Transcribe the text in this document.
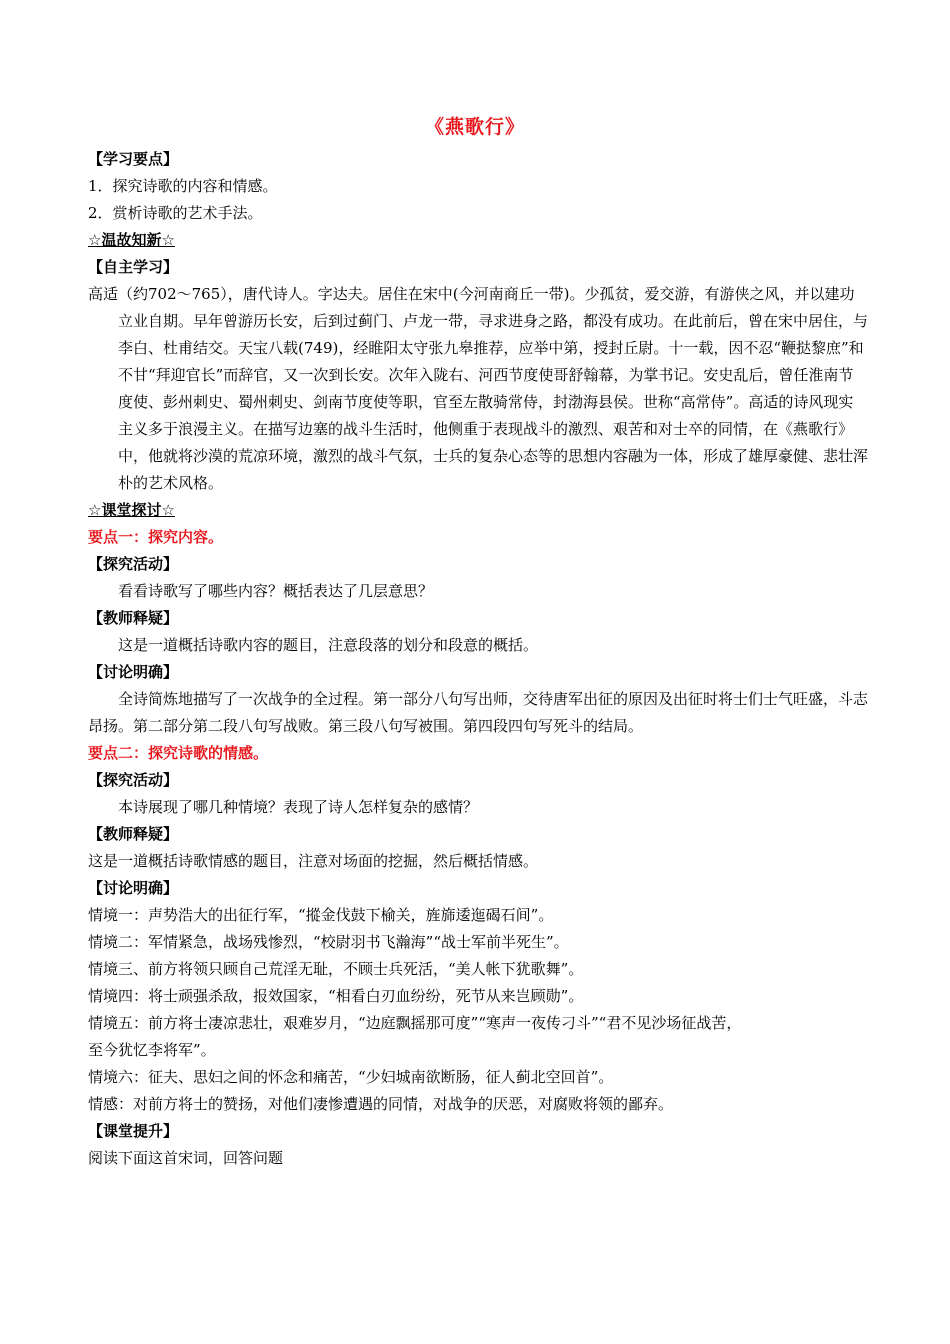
《燕歌行》
【学习要点】
1．探究诗歌的内容和情感。
2．赏析诗歌的艺术手法。
☆温故知新☆
【自主学习】

高适（约702～765），唐代诗人。字达夫。居住在宋中(今河南商丘一带)。少孤贫，爱交游，有游侠之风，并以建功立业自期。早年曾游历长安，后到过蓟门、卢龙一带，寻求进身之路，都没有成功。在此前后，曾在宋中居住，与李白、杜甫结交。天宝八载(749)，经睢阳太守张九皋推荐，应举中第，授封丘尉。十一载，因不忍“鞭挞黎庶”和不甘“拜迎官长”而辞官，又一次到长安。次年入陇右、河西节度使哥舒翰幕，为掌书记。安史乱后，曾任淮南节度使、彭州刺史、蜀州刺史、剑南节度使等职，官至左散骑常侍，封渤海县侯。世称“高常侍”。高适的诗风现实主义多于浪漫主义。在描写边塞的战斗生活时，他侧重于表现战斗的激烈、艰苦和对士卒的同情，在《燕歌行》中，他就将沙漠的荒凉环境，激烈的战斗气氛，士兵的复杂心态等的思想内容融为一体，形成了雄厚豪健、悲壮浑朴的艺术风格。

☆课堂探讨☆
要点一：探究内容。
【探究活动】
看看诗歌写了哪些内容？概括表达了几层意思？
【教师释疑】
这是一道概括诗歌内容的题目，注意段落的划分和段意的概括。
【讨论明确】

全诗简炼地描写了一次战争的全过程。第一部分八句写出师，交待唐军出征的原因及出征时将士们士气旺盛，斗志昂扬。第二部分第二段八句写战败。第三段八句写被围。第四段四句写死斗的结局。

要点二：探究诗歌的情感。
【探究活动】
本诗展现了哪几种情境？表现了诗人怎样复杂的感情？
【教师释疑】
这是一道概括诗歌情感的题目，注意对场面的挖掘，然后概括情感。
【讨论明确】
情境一：声势浩大的出征行军，“摐金伐鼓下榆关，旌旆逶迤碣石间”。
情境二：军情紧急，战场残惨烈，“校尉羽书飞瀚海”“战士军前半死生”。
情境三、前方将领只顾自己荒淫无耻，不顾士兵死活，“美人帐下犹歌舞”。
情境四：将士顽强杀敌，报效国家，“相看白刃血纷纷，死节从来岂顾勋”。
情境五：前方将士凄凉悲壮，艰难岁月，“边庭飘摇那可度”“寒声一夜传刁斗”“君不见沙场征战苦，
至今犹忆李将军”。
情境六：征夫、思妇之间的怀念和痛苦，“少妇城南欲断肠，征人蓟北空回首”。
情感：对前方将士的赞扬，对他们凄惨遭遇的同情，对战争的厌恶，对腐败将领的鄙弃。
【课堂提升】
阅读下面这首宋词，回答问题
